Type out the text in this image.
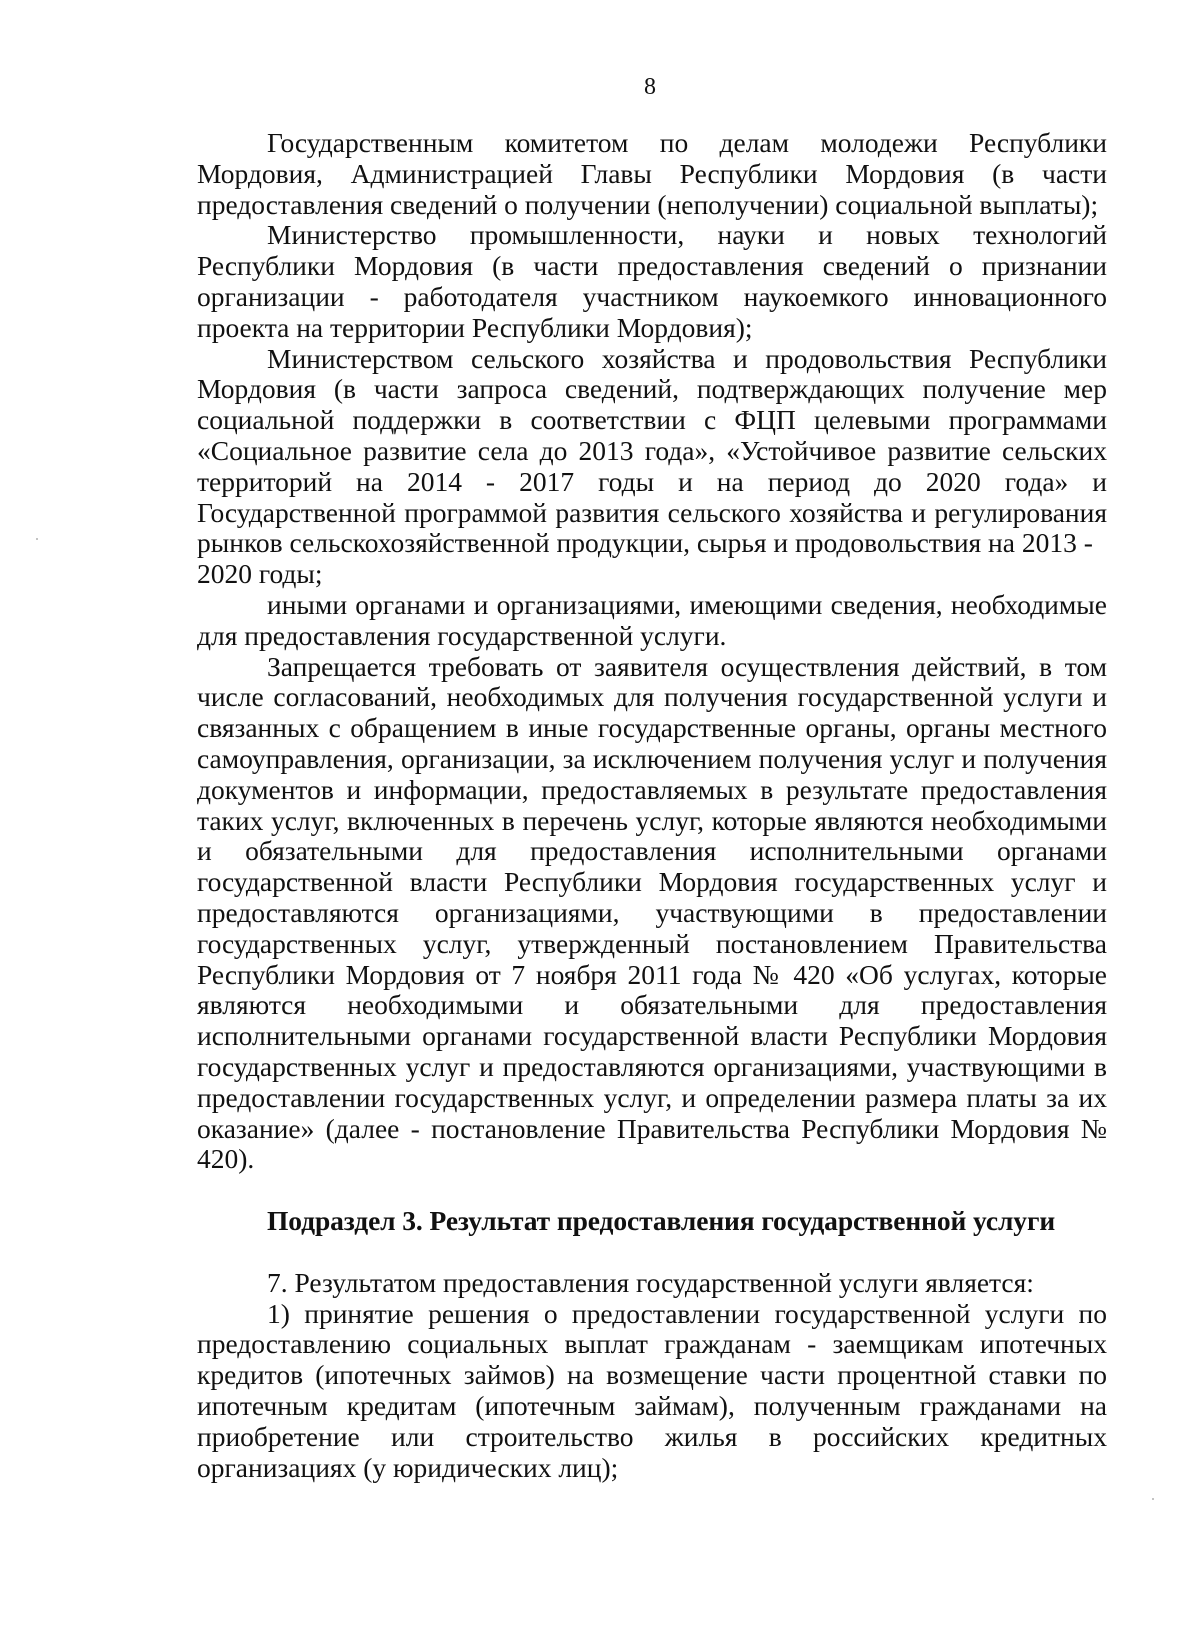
8

Государственным комитетом по делам молодежи Республики Мордовия, Администрацией Главы Республики Мордовия (в части предоставления сведений о получении (неполучении) социальной выплаты);

Министерство промышленности, науки и новых технологий Республики Мордовия (в части предоставления сведений о признании организации - работодателя участником наукоемкого инновационного проекта на территории Республики Мордовия);

Министерством сельского хозяйства и продовольствия Республики Мордовия (в части запроса сведений, подтверждающих получение мер социальной поддержки в соответствии с ФЦП целевыми программами «Социальное развитие села до 2013 года», «Устойчивое развитие сельских территорий на 2014 - 2017 годы и на период до 2020 года» и Государственной программой развития сельского хозяйства и регулирования рынков сельскохозяйственной продукции, сырья и продовольствия на 2013 -

2020 годы;

иными органами и организациями, имеющими сведения, необходимые для предоставления государственной услуги.

Запрещается требовать от заявителя осуществления действий, в том числе согласований, необходимых для получения государственной услуги и связанных с обращением в иные государственные органы, органы местного самоуправления, организации, за исключением получения услуг и получения документов и информации, предоставляемых в результате предоставления таких услуг, включенных в перечень услуг, которые являются необходимыми и обязательными для предоставления исполнительными органами государственной власти Республики Мордовия государственных услуг и предоставляются организациями, участвующими в предоставлении государственных услуг, утвержденный постановлением Правительства Республики Мордовия от 7 ноября 2011 года № 420 «Об услугах, которые являются необходимыми и обязательными для предоставления исполнительными органами государственной власти Республики Мордовия государственных услуг и предоставляются организациями, участвующими в предоставлении государственных услуг, и определении размера платы за их оказание» (далее - постановление Правительства Республики Мордовия № 420).

Подраздел 3. Результат предоставления государственной услуги

7. Результатом предоставления государственной услуги является:

1) принятие решения о предоставлении государственной услуги по предоставлению социальных выплат гражданам - заемщикам ипотечных кредитов (ипотечных займов) на возмещение части процентной ставки по ипотечным кредитам (ипотечным займам), полученным гражданами на приобретение или строительство жилья в российских кредитных организациях (у юридических лиц);
